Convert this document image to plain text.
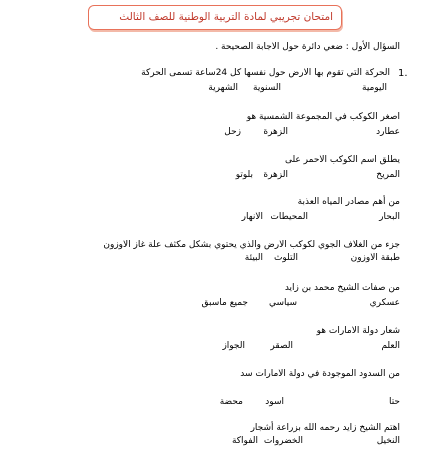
امتحان تجريبي لمادة التربية الوطنية للصف الثالث
السؤال الأول : ضعي دائرة حول الاجابة الصحيحة .
1.
الحركة التي تقوم بها الارض حول نفسها كل 24ساعة تسمى الحركة
اليومية
السنوية
الشهرية
اصغر الكوكب في المجموعة الشمسية هو
عطارد
الزهرة
زحل
يطلق اسم الكوكب الاحمر على
المريخ
الزهرة
بلوتو
من أهم مصادر المياه العذبة
البحار
المحيطات
الانهار
جزء من الغلاف الجوي لكوكب الارض والذي يحتوي بشكل مكثف علة غاز الاوزون
طبقة الاوزون
التلوث
البيئة
من صفات الشيخ محمد بن زايد
عسكري
سياسي
جميع ماسبق
شعار دولة الامارات هو
العلم
الصقر
الجواز
من السدود الموجودة في دولة الامارات سد
حتا
اسود
محضة
اهتم الشيخ زايد رحمه الله بزراعة أشجار
النخيل
الخضروات
الفواكة
